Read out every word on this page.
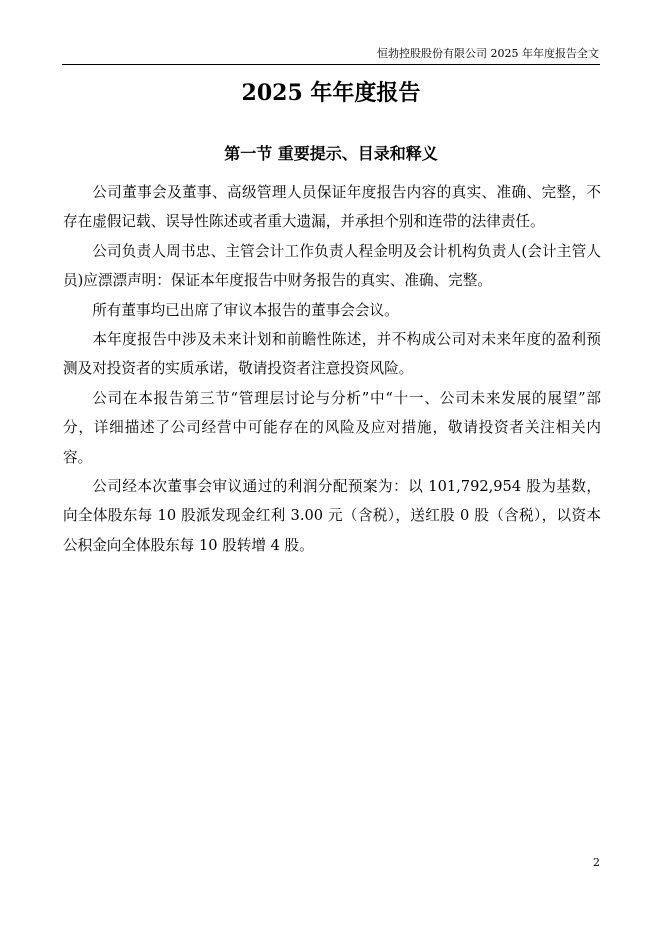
恒勃控股股份有限公司 2025 年年度报告全文
2025 年年度报告
第一节 重要提示、目录和释义

公司董事会及董事、高级管理人员保证年度报告内容的真实、准确、完整，不存在虚假记载、误导性陈述或者重大遗漏，并承担个别和连带的法律责任。

公司负责人周书忠、主管会计工作负责人程金明及会计机构负责人(会计主管人员)应漂漂声明：保证本年度报告中财务报告的真实、准确、完整。

所有董事均已出席了审议本报告的董事会会议。

本年度报告中涉及未来计划和前瞻性陈述，并不构成公司对未来年度的盈利预测及对投资者的实质承诺，敬请投资者注意投资风险。

公司在本报告第三节“管理层讨论与分析”中“十一、公司未来发展的展望”部分，详细描述了公司经营中可能存在的风险及应对措施，敬请投资者关注相关内容。

公司经本次董事会审议通过的利润分配预案为：以 101,792,954 股为基数，向全体股东每 10 股派发现金红利 3.00 元（含税），送红股 0 股（含税），以资本公积金向全体股东每 10 股转增 4 股。

2
